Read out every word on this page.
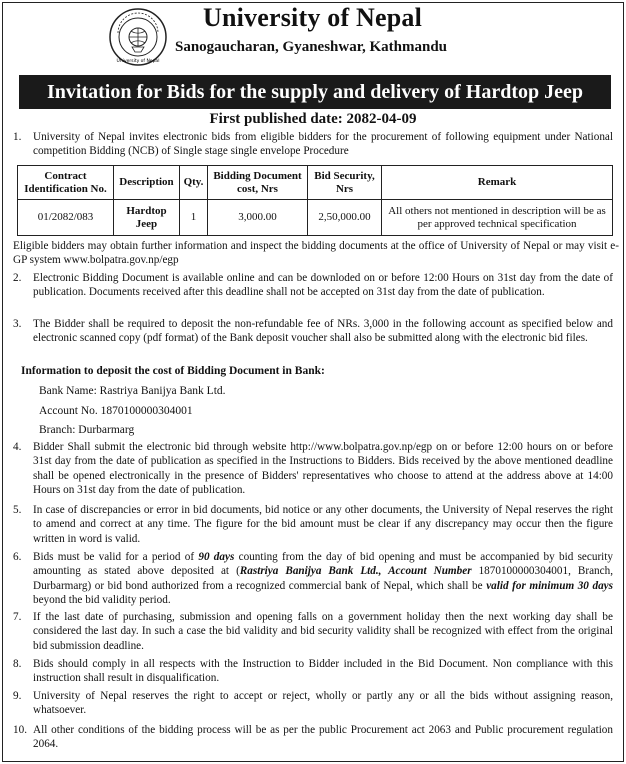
University of Nepal
University of Nepal
Sanogaucharan, Gyaneshwar, Kathmandu
Invitation for Bids for the supply and delivery of Hardtop Jeep
First published date: 2082-04-09
1.	University of Nepal invites electronic bids from eligible bidders for the procurement of following equipment under National competition Bidding (NCB) of Single stage single envelope Procedure
Contract Identification No.	Description	Qty.	Bidding Document cost, Nrs	Bid Security, Nrs	Remark
01/2082/083	Hardtop Jeep	1	3,000.00	2,50,000.00	All others not mentioned in description will be as per approved technical specification
Eligible bidders may obtain further information and inspect the bidding documents at the office of University of Nepal or may visit e-GP system www.bolpatra.gov.np/egp
2.	Electronic Bidding Document is available online and can be downloded on or before 12:00 Hours on 31st day from the date of publication. Documents received after this deadline shall not be accepted on 31st day from the date of publication.
3.	The Bidder shall be required to deposit the non-refundable fee of NRs. 3,000 in the following account as specified below and electronic scanned copy (pdf format) of the Bank deposit voucher shall also be submitted along with the electronic bid files.
Information to deposit the cost of Bidding Document in Bank:
Bank Name: Rastriya Banijya Bank Ltd.
Account No. 1870100000304001
Branch: Durbarmarg
4.	Bidder Shall submit the electronic bid through website http://www.bolpatra.gov.np/egp on or before 12:00 hours on or before 31st day from the date of publication as specified in the Instructions to Bidders. Bids received by the above mentioned deadline shall be opened electronically in the presence of Bidders' representatives who choose to attend at the address above at 14:00 Hours on 31st day from the date of publication.
5.	In case of discrepancies or error in bid documents, bid notice or any other documents, the University of Nepal reserves the right to amend and correct at any time. The figure for the bid amount must be clear if any discrepancy may occur then the figure written in word is valid.
6.	Bids must be valid for a period of 90 days counting from the day of bid opening and must be accompanied by bid security amounting as stated above deposited at (Rastriya Banijya Bank Ltd., Account Number 1870100000304001, Branch, Durbarmarg) or bid bond authorized from a recognized commercial bank of Nepal, which shall be valid for minimum 30 days beyond the bid validity period.
7.	If the last date of purchasing, submission and opening falls on a government holiday then the next working day shall be considered the last day. In such a case the bid validity and bid security validity shall be recognized with effect from the original bid submission deadline.
8.	Bids should comply in all respects with the Instruction to Bidder included in the Bid Document. Non compliance with this instruction shall result in disqualification.
9.	University of Nepal reserves the right to accept or reject, wholly or partly any or all the bids without assigning reason, whatsoever.
10. All other conditions of the bidding process will be as per the public Procurement act 2063 and Public procurement regulation 2064.
